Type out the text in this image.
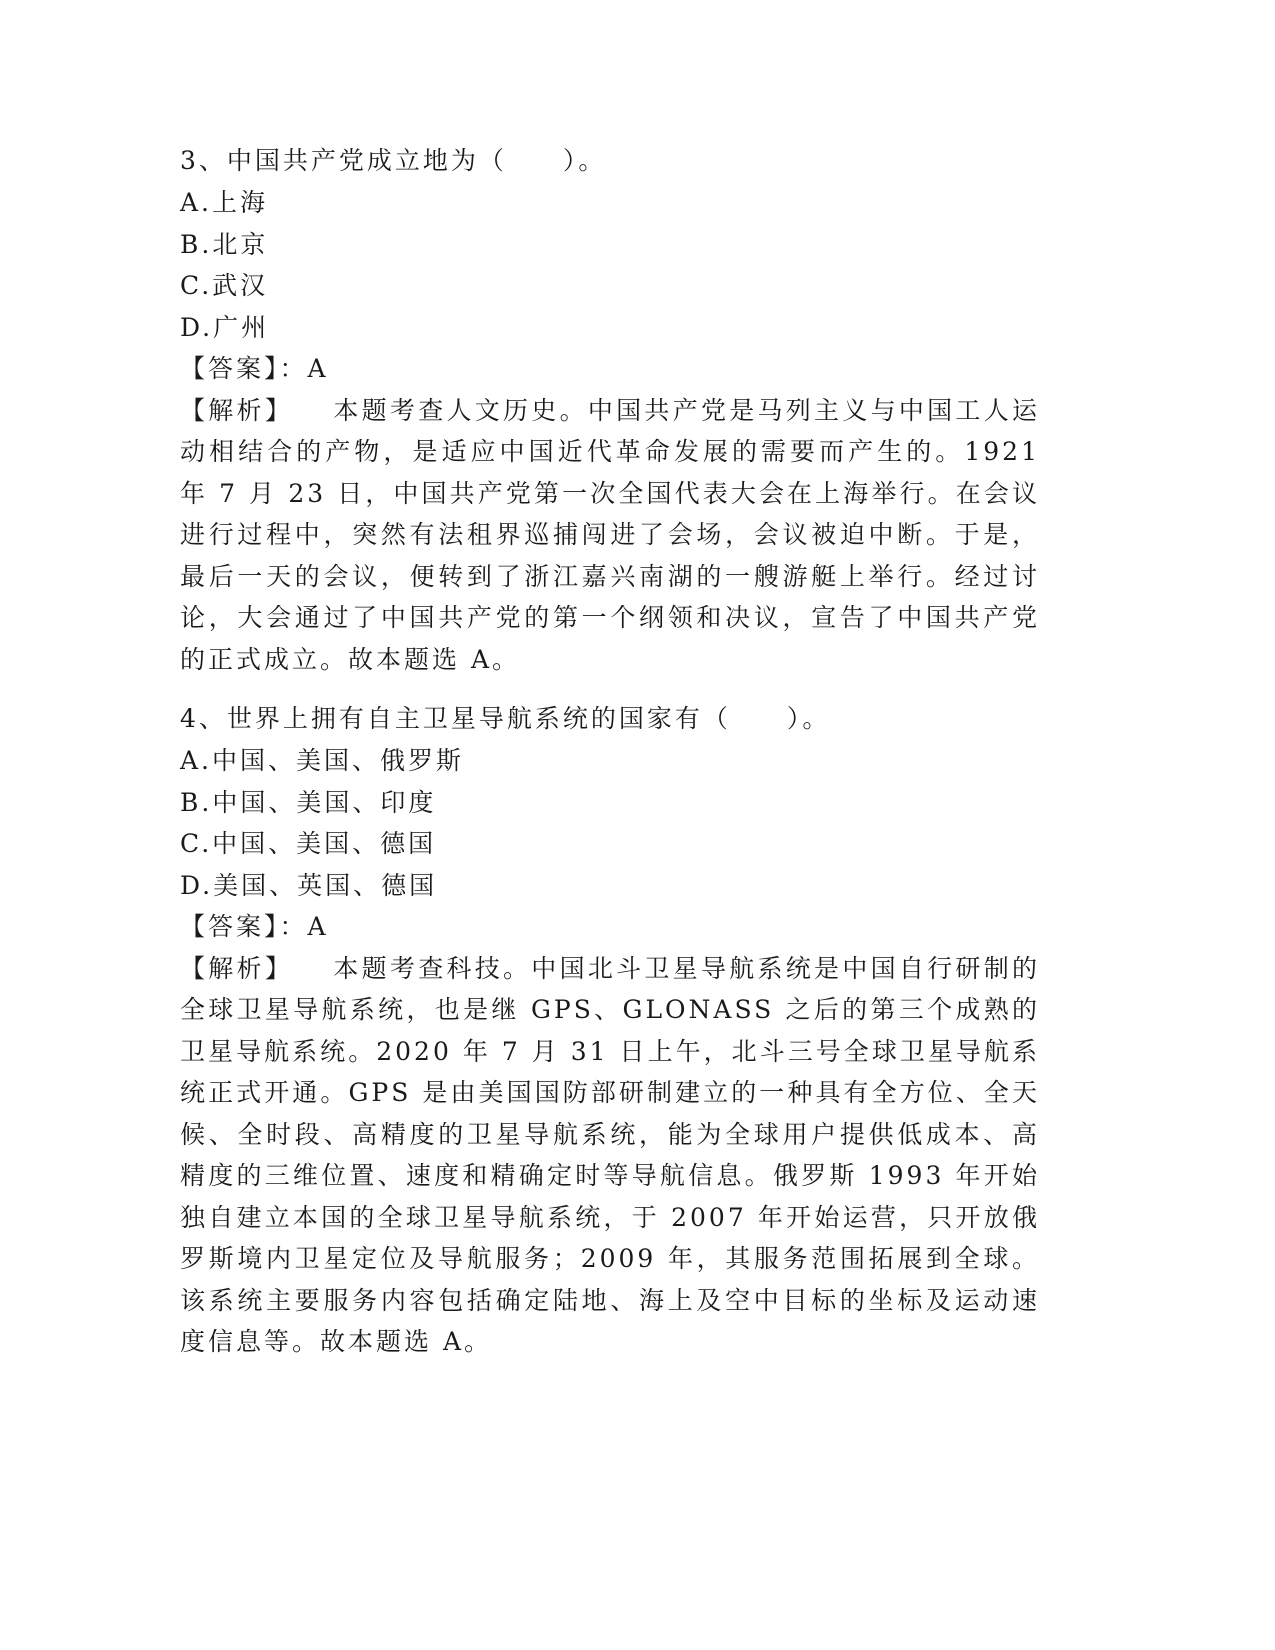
3、中国共产党成立地为（　　）。
A.上海
B.北京
C.武汉
D.广州
【答案】：A
【解析】 本题考查人文历史。中国共产党是马列主义与中国工人运动相结合的产物，是适应中国近代革命发展的需要而产生的。1921 年 7 月 23 日，中国共产党第一次全国代表大会在上海举行。在会议进行过程中，突然有法租界巡捕闯进了会场，会议被迫中断。于是，最后一天的会议，便转到了浙江嘉兴南湖的一艘游艇上举行。经过讨论，大会通过了中国共产党的第一个纲领和决议，宣告了中国共产党的正式成立。故本题选 A。
4、世界上拥有自主卫星导航系统的国家有（　　）。
A.中国、美国、俄罗斯
B.中国、美国、印度
C.中国、美国、德国
D.美国、英国、德国
【答案】：A
【解析】 本题考查科技。中国北斗卫星导航系统是中国自行研制的全球卫星导航系统，也是继 GPS、GLONASS 之后的第三个成熟的卫星导航系统。2020 年 7 月 31 日上午，北斗三号全球卫星导航系统正式开通。GPS 是由美国国防部研制建立的一种具有全方位、全天候、全时段、高精度的卫星导航系统，能为全球用户提供低成本、高精度的三维位置、速度和精确定时等导航信息。俄罗斯 1993 年开始独自建立本国的全球卫星导航系统，于 2007 年开始运营，只开放俄罗斯境内卫星定位及导航服务；2009 年，其服务范围拓展到全球。该系统主要服务内容包括确定陆地、海上及空中目标的坐标及运动速度信息等。故本题选 A。
